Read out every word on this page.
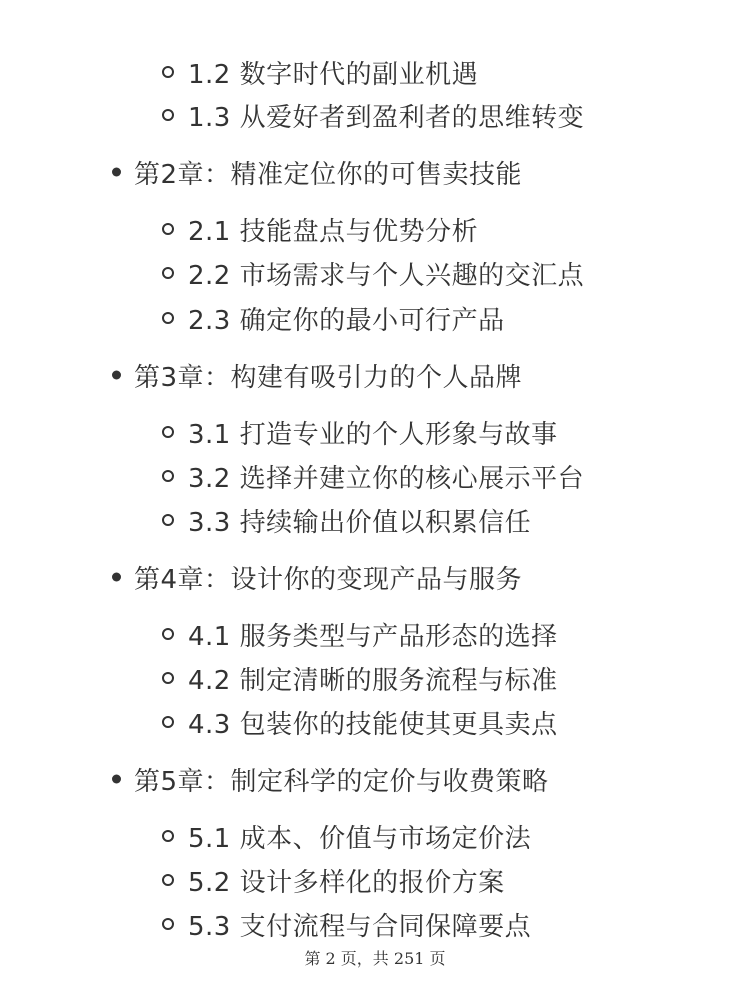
1.2 数字时代的副业机遇
1.3 从爱好者到盈利者的思维转变
第2章：精准定位你的可售卖技能
2.1 技能盘点与优势分析
2.2 市场需求与个人兴趣的交汇点
2.3 确定你的最小可行产品
第3章：构建有吸引力的个人品牌
3.1 打造专业的个人形象与故事
3.2 选择并建立你的核心展示平台
3.3 持续输出价值以积累信任
第4章：设计你的变现产品与服务
4.1 服务类型与产品形态的选择
4.2 制定清晰的服务流程与标准
4.3 包装你的技能使其更具卖点
第5章：制定科学的定价与收费策略
5.1 成本、价值与市场定价法
5.2 设计多样化的报价方案
5.3 支付流程与合同保障要点
第 2 页，共 251 页
